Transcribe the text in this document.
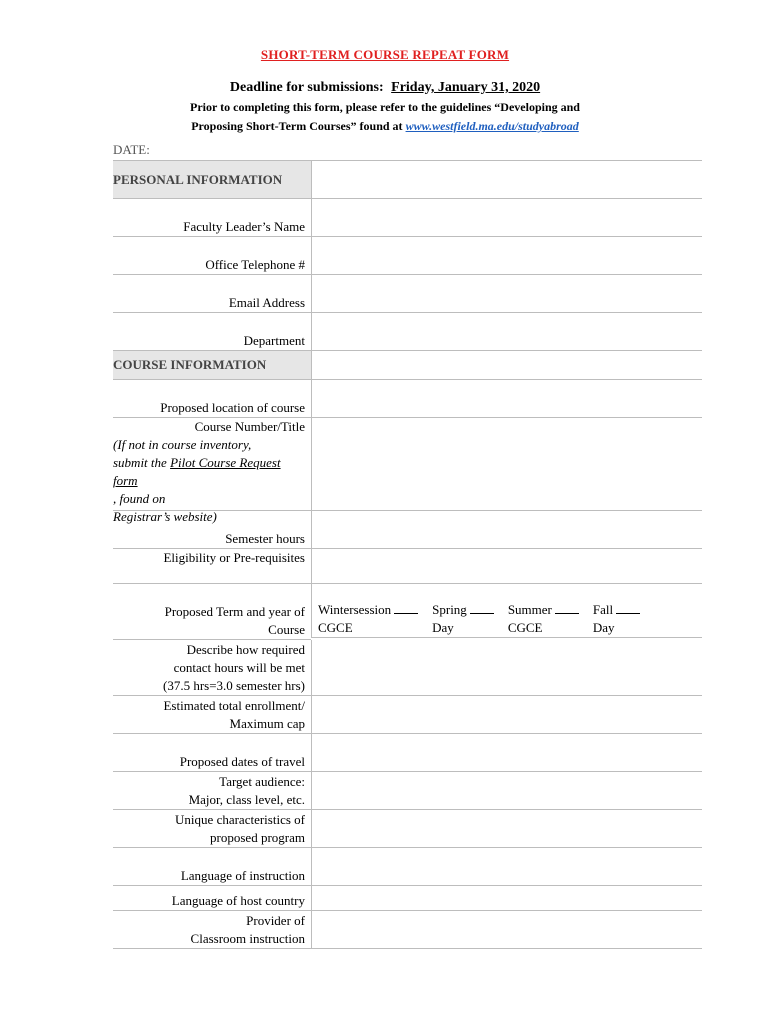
SHORT-TERM COURSE REPEAT FORM
Deadline for submissions: Friday, January 31, 2020
Prior to completing this form, please refer to the guidelines “Developing and
Proposing Short-Term Courses” found at www.westfield.ma.edu/studyabroad
DATE:
PERSONAL INFORMATION
Faculty Leader’s Name
Office Telephone #
Email Address
Department
COURSE INFORMATION
Proposed location of course
Course Number/Title
(If not in course inventory,
submit the Pilot Course Request form
, found on
Registrar’s website)
Semester hours
Eligibility or Pre-requisites
Proposed Term and year of
Course
Wintersession
CGCE
Spring
Day
Summer
CGCE
Fall
Day
Describe how required
contact hours will be met
(37.5 hrs=3.0 semester hrs)
Estimated total enrollment/
Maximum cap
Proposed dates of travel
Target audience:
Major, class level, etc.
Unique characteristics of
proposed program
Language of instruction
Language of host country
Provider of
Classroom instruction
